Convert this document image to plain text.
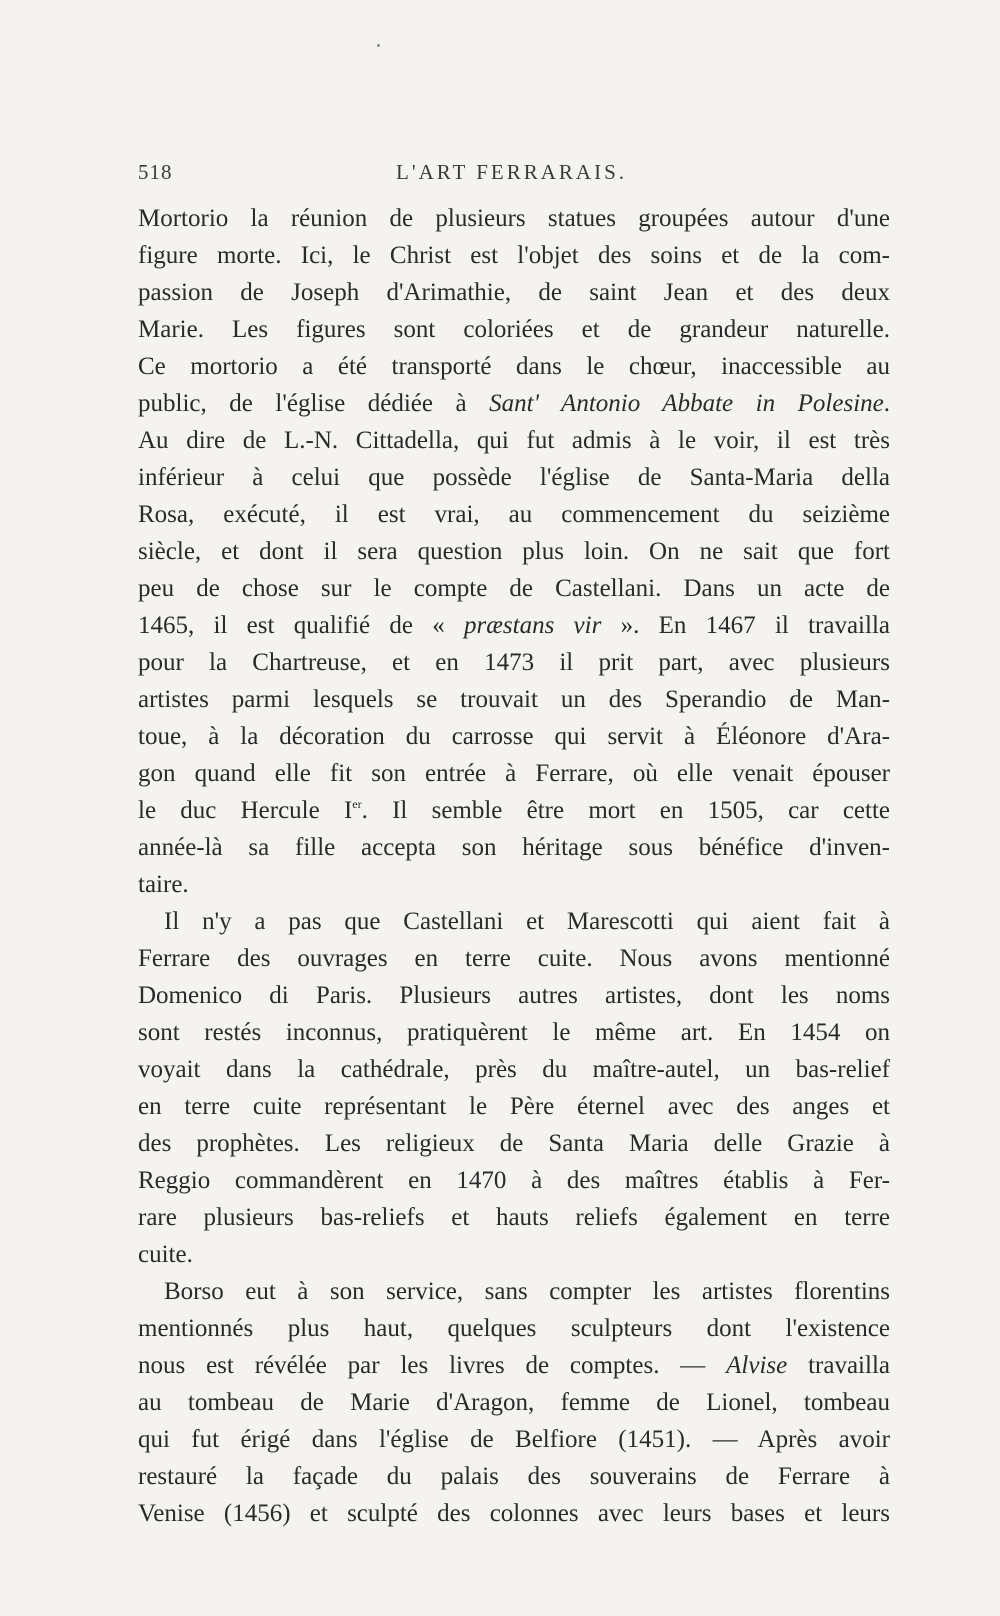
518	L'ART FERRARAIS.
Mortorio la réunion de plusieurs statues groupées autour d'une
figure morte. Ici, le Christ est l'objet des soins et de la com-
passion de Joseph d'Arimathie, de saint Jean et des deux
Marie. Les figures sont coloriées et de grandeur naturelle.
Ce mortorio a été transporté dans le chœur, inaccessible au
public, de l'église dédiée à Sant' Antonio Abbate in Polesine.
Au dire de L.-N. Cittadella, qui fut admis à le voir, il est très
inférieur à celui que possède l'église de Santa-Maria della
Rosa, exécuté, il est vrai, au commencement du seizième
siècle, et dont il sera question plus loin. On ne sait que fort
peu de chose sur le compte de Castellani. Dans un acte de
1465, il est qualifié de « præstans vir ». En 1467 il travailla
pour la Chartreuse, et en 1473 il prit part, avec plusieurs
artistes parmi lesquels se trouvait un des Sperandio de Man-
toue, à la décoration du carrosse qui servit à Éléonore d'Ara-
gon quand elle fit son entrée à Ferrare, où elle venait épouser
le duc Hercule Ier. Il semble être mort en 1505, car cette
année-là sa fille accepta son héritage sous bénéfice d'inven-
taire.
Il n'y a pas que Castellani et Marescotti qui aient fait à
Ferrare des ouvrages en terre cuite. Nous avons mentionné
Domenico di Paris. Plusieurs autres artistes, dont les noms
sont restés inconnus, pratiquèrent le même art. En 1454 on
voyait dans la cathédrale, près du maître-autel, un bas-relief
en terre cuite représentant le Père éternel avec des anges et
des prophètes. Les religieux de Santa Maria delle Grazie à
Reggio commandèrent en 1470 à des maîtres établis à Fer-
rare plusieurs bas-reliefs et hauts reliefs également en terre
cuite.
Borso eut à son service, sans compter les artistes florentins
mentionnés plus haut, quelques sculpteurs dont l'existence
nous est révélée par les livres de comptes. — Alvise travailla
au tombeau de Marie d'Aragon, femme de Lionel, tombeau
qui fut érigé dans l'église de Belfiore (1451). — Après avoir
restauré la façade du palais des souverains de Ferrare à
Venise (1456) et sculpté des colonnes avec leurs bases et leurs
